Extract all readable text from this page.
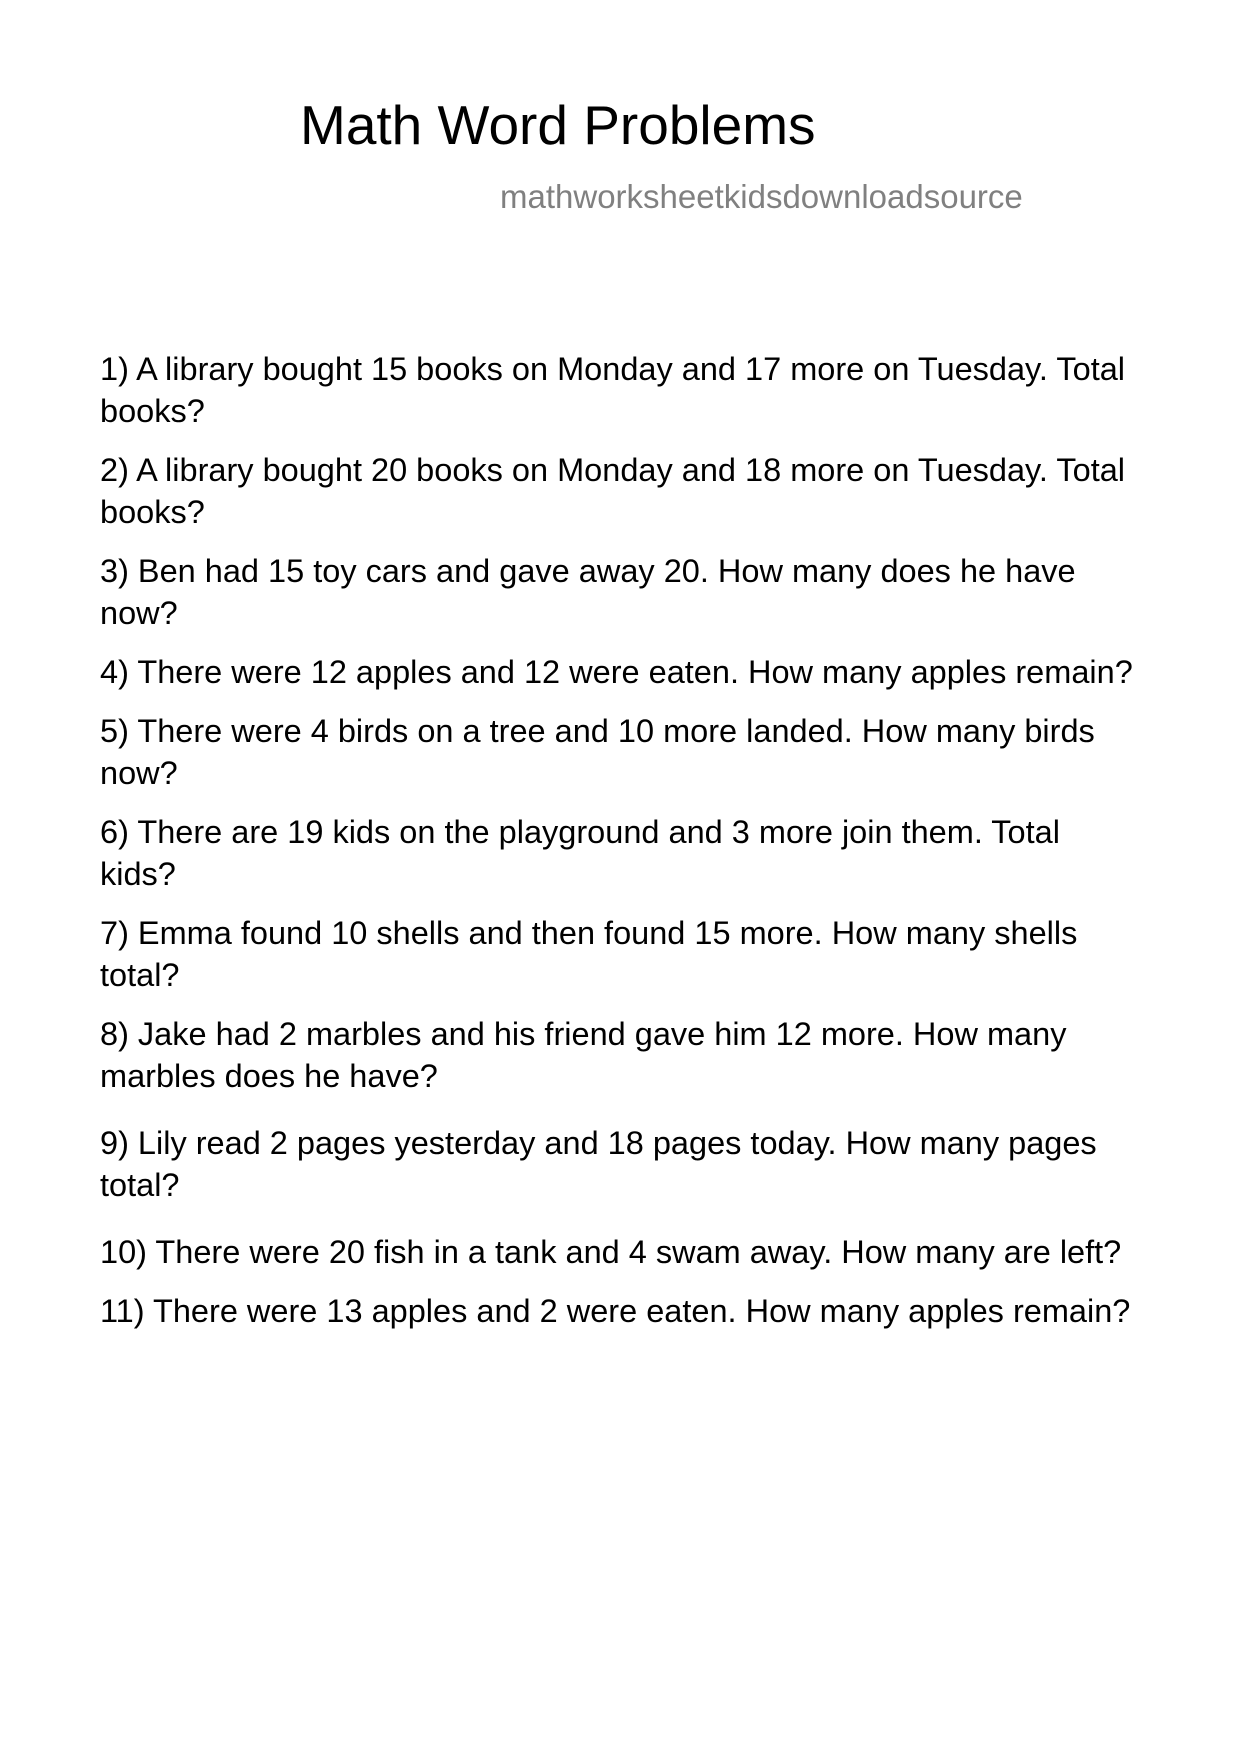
Math Word Problems
mathworksheetkidsdownloadsource
1) A library bought 15 books on Monday and 17 more on Tuesday. Total books?
2) A library bought 20 books on Monday and 18 more on Tuesday. Total books?
3) Ben had 15 toy cars and gave away 20. How many does he have now?
4) There were 12 apples and 12 were eaten. How many apples remain?
5) There were 4 birds on a tree and 10 more landed. How many birds now?
6) There are 19 kids on the playground and 3 more join them. Total kids?
7) Emma found 10 shells and then found 15 more. How many shells total?
8) Jake had 2 marbles and his friend gave him 12 more. How many marbles does he have?
9) Lily read 2 pages yesterday and 18 pages today. How many pages total?
10) There were 20 fish in a tank and 4 swam away. How many are left?
11) There were 13 apples and 2 were eaten. How many apples remain?
